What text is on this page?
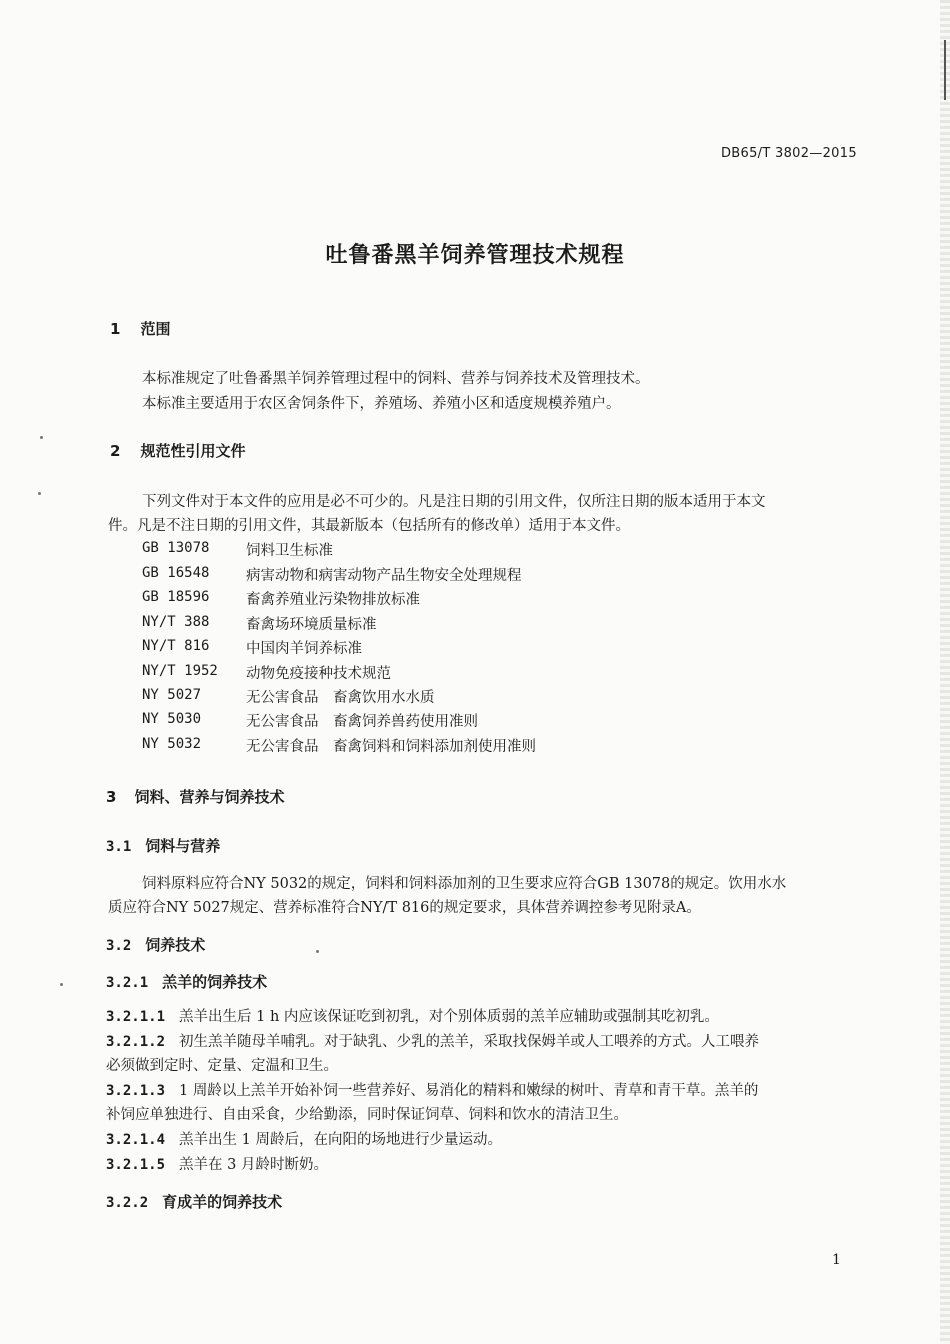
DB65/T 3802—2015
吐鲁番黑羊饲养管理技术规程
1 范围
本标准规定了吐鲁番黑羊饲养管理过程中的饲料、营养与饲养技术及管理技术。
本标准主要适用于农区舍饲条件下，养殖场、养殖小区和适度规模养殖户。
2 规范性引用文件
下列文件对于本文件的应用是必不可少的。凡是注日期的引用文件，仅所注日期的版本适用于本文
件。凡是不注日期的引用文件，其最新版本（包括所有的修改单）适用于本文件。
GB 13078	饲料卫生标准
GB 16548	病害动物和病害动物产品生物安全处理规程
GB 18596	畜禽养殖业污染物排放标准
NY/T 388	畜禽场环境质量标准
NY/T 816	中国肉羊饲养标准
NY/T 1952 动物免疫接种技术规范
NY 5027	无公害食品　畜禽饮用水水质
NY 5030	无公害食品　畜禽饲养兽药使用准则
NY 5032	无公害食品　畜禽饲料和饲料添加剂使用准则
3 饲料、营养与饲养技术
3.1 饲料与营养
饲料原料应符合NY 5032的规定，饲料和饲料添加剂的卫生要求应符合GB 13078的规定。饮用水水
质应符合NY 5027规定、营养标准符合NY/T 816的规定要求，具体营养调控参考见附录A。
3.2 饲养技术
3.2.1 羔羊的饲养技术
3.2.1.1 羔羊出生后 1 h 内应该保证吃到初乳，对个别体质弱的羔羊应辅助或强制其吃初乳。
3.2.1.2 初生羔羊随母羊哺乳。对于缺乳、少乳的羔羊，采取找保姆羊或人工喂养的方式。人工喂养
必须做到定时、定量、定温和卫生。
3.2.1.3 1 周龄以上羔羊开始补饲一些营养好、易消化的精料和嫩绿的树叶、青草和青干草。羔羊的
补饲应单独进行、自由采食，少给勤添，同时保证饲草、饲料和饮水的清洁卫生。
3.2.1.4 羔羊出生 1 周龄后，在向阳的场地进行少量运动。
3.2.1.5 羔羊在 3 月龄时断奶。
3.2.2 育成羊的饲养技术
1
